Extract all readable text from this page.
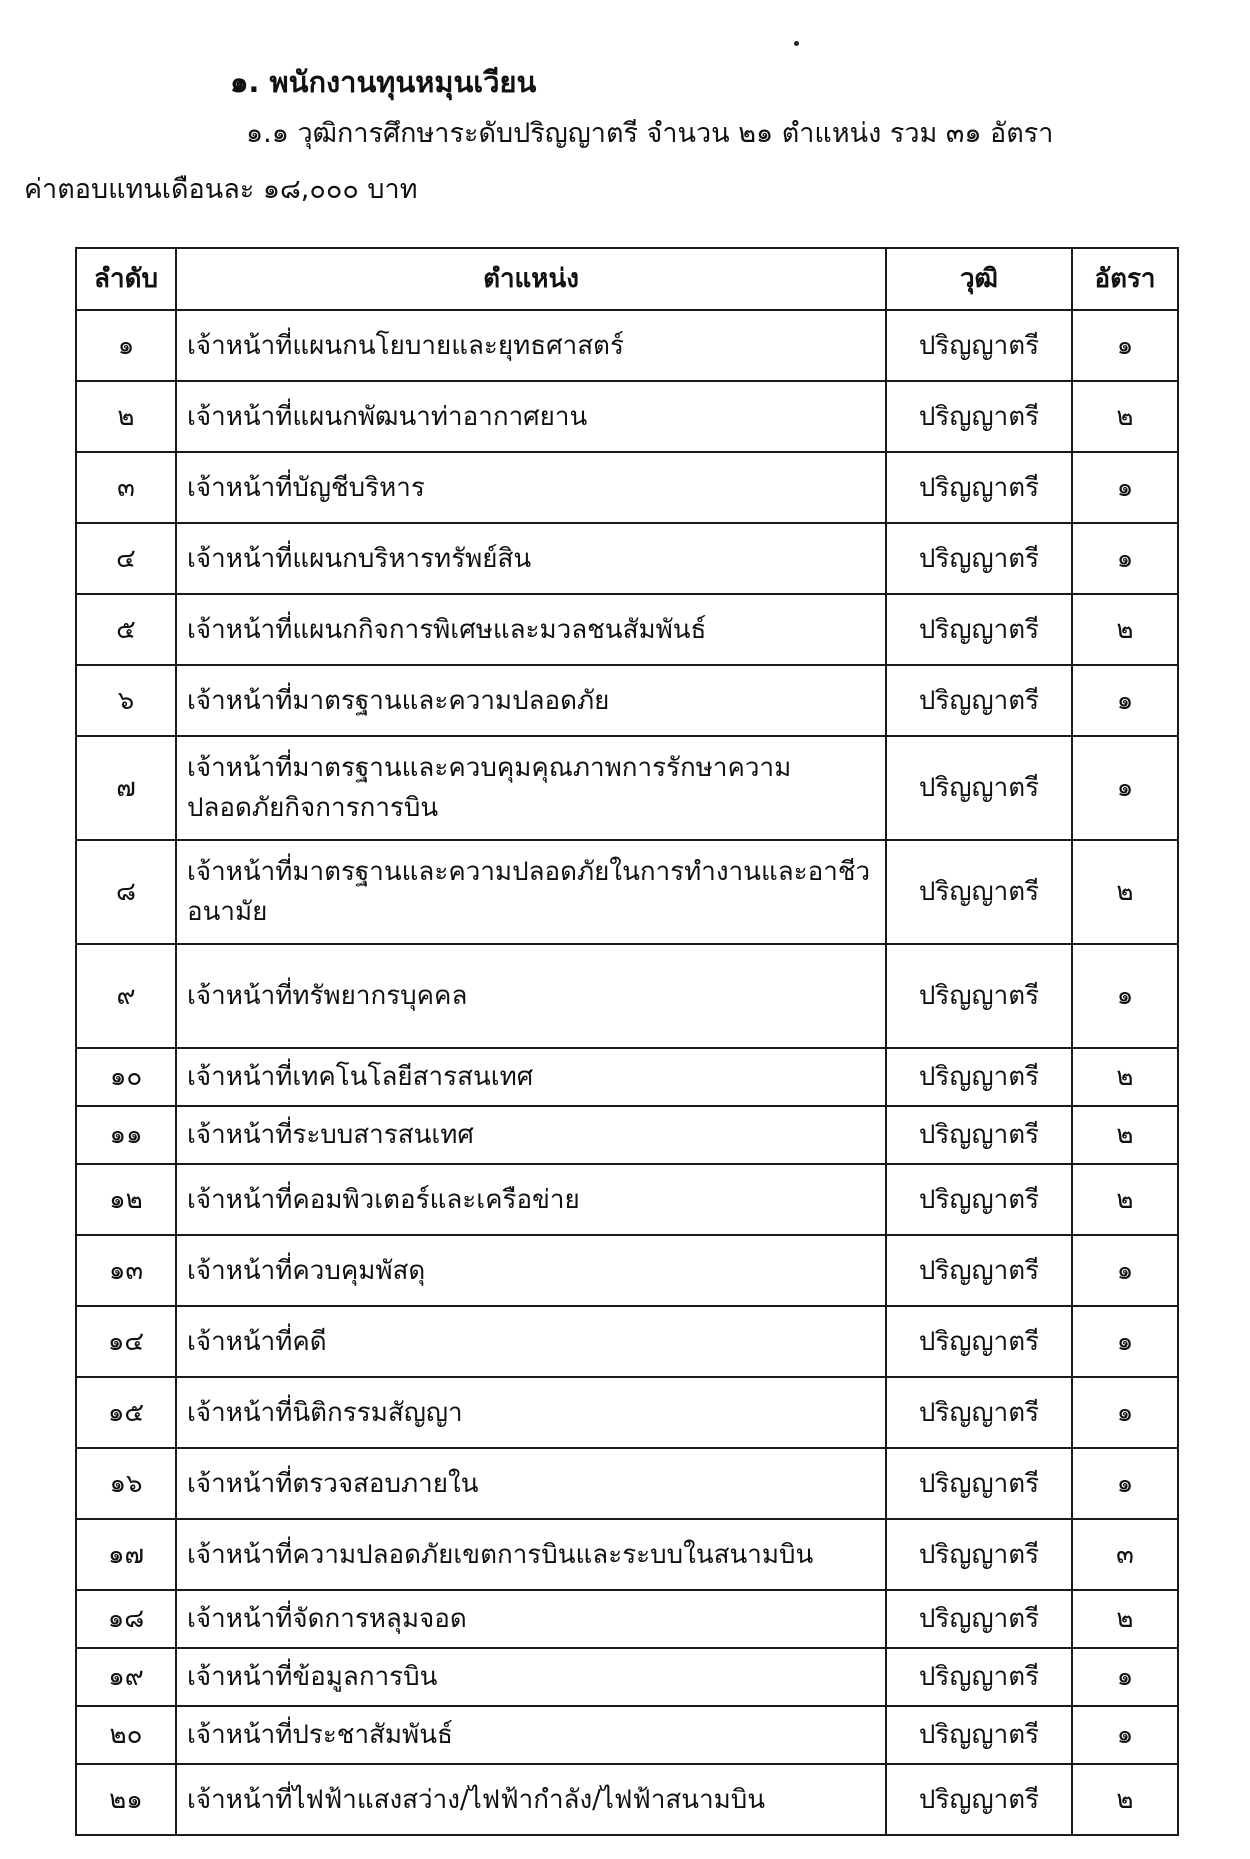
๑. พนักงานทุนหมุนเวียน
๑.๑ วุฒิการศึกษาระดับปริญญาตรี จำนวน ๒๑ ตำแหน่ง รวม ๓๑ อัตรา
ค่าตอบแทนเดือนละ ๑๘,๐๐๐ บาท
ลำดับ	ตำแหน่ง	วุฒิ	อัตรา
๑	เจ้าหน้าที่แผนกนโยบายและยุทธศาสตร์	ปริญญาตรี	๑
๒	เจ้าหน้าที่แผนกพัฒนาท่าอากาศยาน	ปริญญาตรี	๒
๓	เจ้าหน้าที่บัญชีบริหาร	ปริญญาตรี	๑
๔	เจ้าหน้าที่แผนกบริหารทรัพย์สิน	ปริญญาตรี	๑
๕	เจ้าหน้าที่แผนกกิจการพิเศษและมวลชนสัมพันธ์	ปริญญาตรี	๒
๖	เจ้าหน้าที่มาตรฐานและความปลอดภัย	ปริญญาตรี	๑
๗	เจ้าหน้าที่มาตรฐานและควบคุมคุณภาพการรักษาความปลอดภัยกิจการการบิน	ปริญญาตรี	๑
๘	เจ้าหน้าที่มาตรฐานและความปลอดภัยในการทำงานและอาชีวอนามัย	ปริญญาตรี	๒
๙	เจ้าหน้าที่ทรัพยากรบุคคล	ปริญญาตรี	๑
๑๐	เจ้าหน้าที่เทคโนโลยีสารสนเทศ	ปริญญาตรี	๒
๑๑	เจ้าหน้าที่ระบบสารสนเทศ	ปริญญาตรี	๒
๑๒	เจ้าหน้าที่คอมพิวเตอร์และเครือข่าย	ปริญญาตรี	๒
๑๓	เจ้าหน้าที่ควบคุมพัสดุ	ปริญญาตรี	๑
๑๔	เจ้าหน้าที่คดี	ปริญญาตรี	๑
๑๕	เจ้าหน้าที่นิติกรรมสัญญา	ปริญญาตรี	๑
๑๖	เจ้าหน้าที่ตรวจสอบภายใน	ปริญญาตรี	๑
๑๗	เจ้าหน้าที่ความปลอดภัยเขตการบินและระบบในสนามบิน	ปริญญาตรี	๓
๑๘	เจ้าหน้าที่จัดการหลุมจอด	ปริญญาตรี	๒
๑๙	เจ้าหน้าที่ข้อมูลการบิน	ปริญญาตรี	๑
๒๐	เจ้าหน้าที่ประชาสัมพันธ์	ปริญญาตรี	๑
๒๑	เจ้าหน้าที่ไฟฟ้าแสงสว่าง/ไฟฟ้ากำลัง/ไฟฟ้าสนามบิน	ปริญญาตรี	๒
